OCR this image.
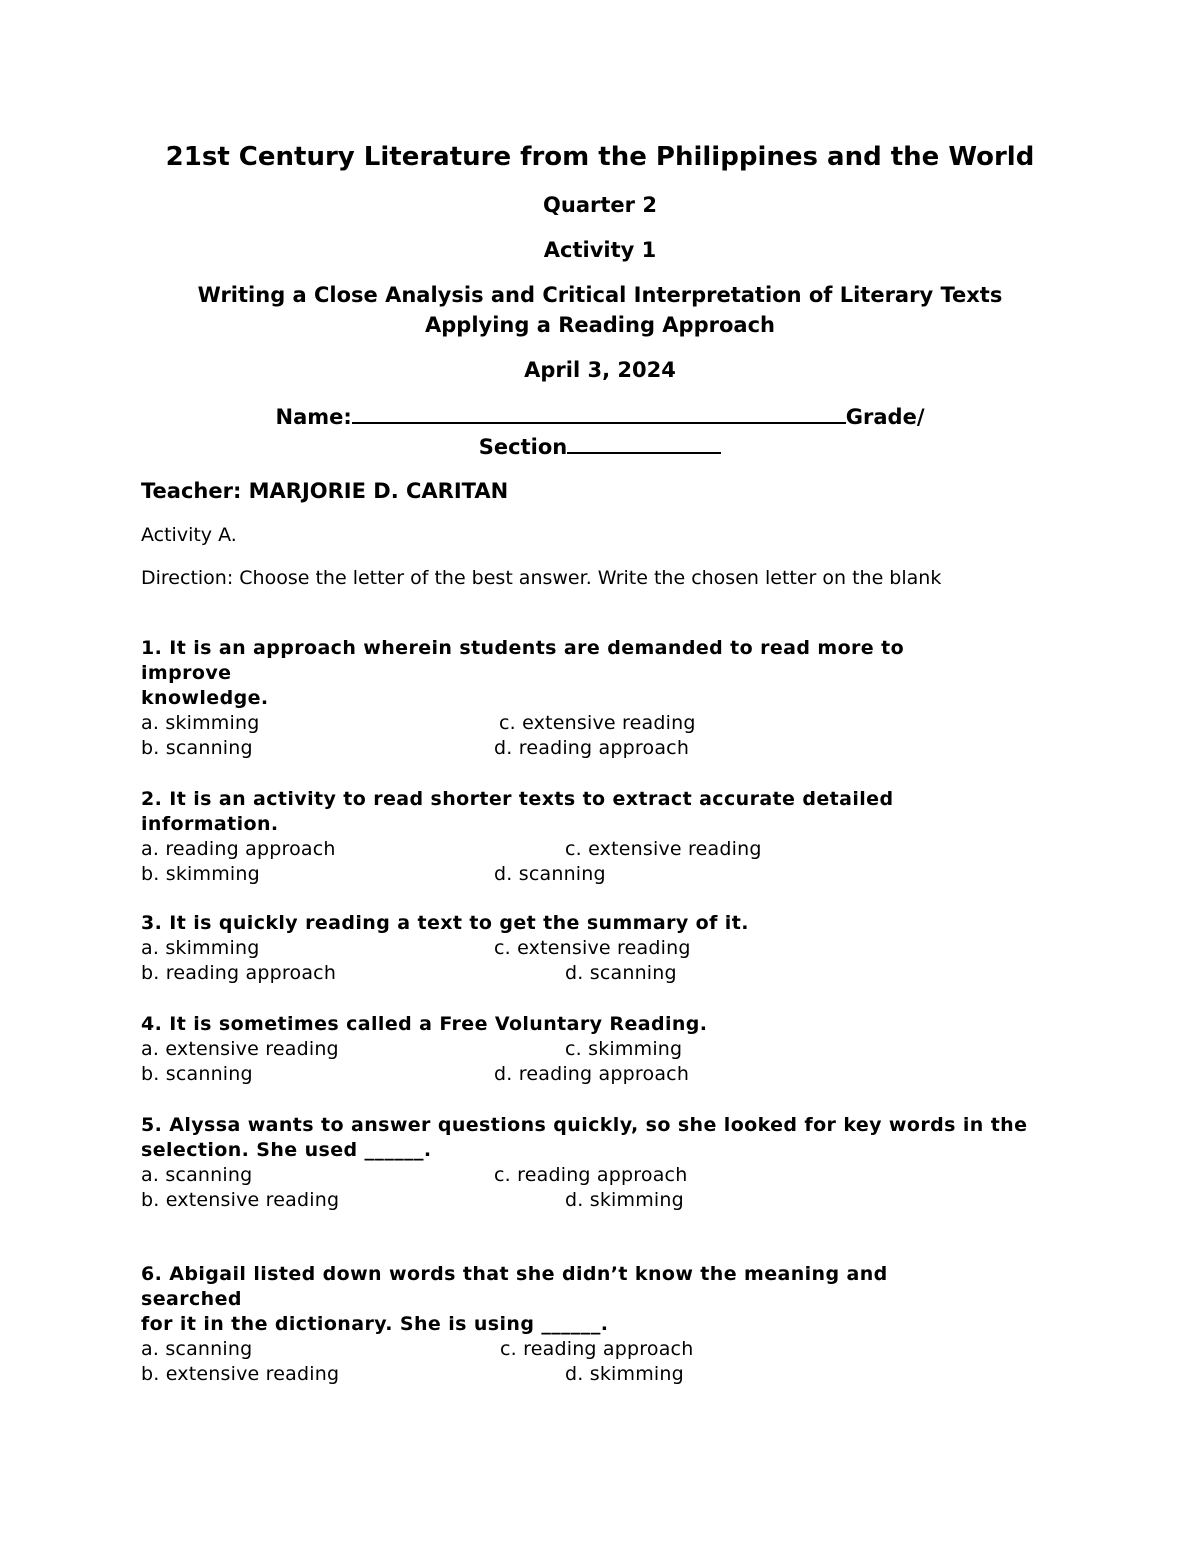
21st Century Literature from the Philippines and the World
Quarter 2
Activity 1
Writing a Close Analysis and Critical Interpretation of Literary Texts
Applying a Reading Approach
April 3, 2024
Name:	Grade/
Section
Teacher: MARJORIE D. CARITAN
Activity A.
Direction: Choose the letter of the best answer. Write the chosen letter on the blank
1. It is an approach wherein students are demanded to read more to improve
knowledge.
a. skimming	c. extensive reading
b. scanning	d. reading approach
2. It is an activity to read shorter texts to extract accurate detailed information.
a. reading approach	c. extensive reading
b. skimming	d. scanning
3. It is quickly reading a text to get the summary of it.
a. skimming	c. extensive reading
b. reading approach	d. scanning
4. It is sometimes called a Free Voluntary Reading.
a. extensive reading	c. skimming
b. scanning	d. reading approach
5. Alyssa wants to answer questions quickly, so she looked for key words in the
selection. She used ______.
a. scanning	c. reading approach
b. extensive reading	d. skimming
6. Abigail listed down words that she didn’t know the meaning and searched
for it in the dictionary. She is using ______.
a. scanning	c. reading approach
b. extensive reading	d. skimming
